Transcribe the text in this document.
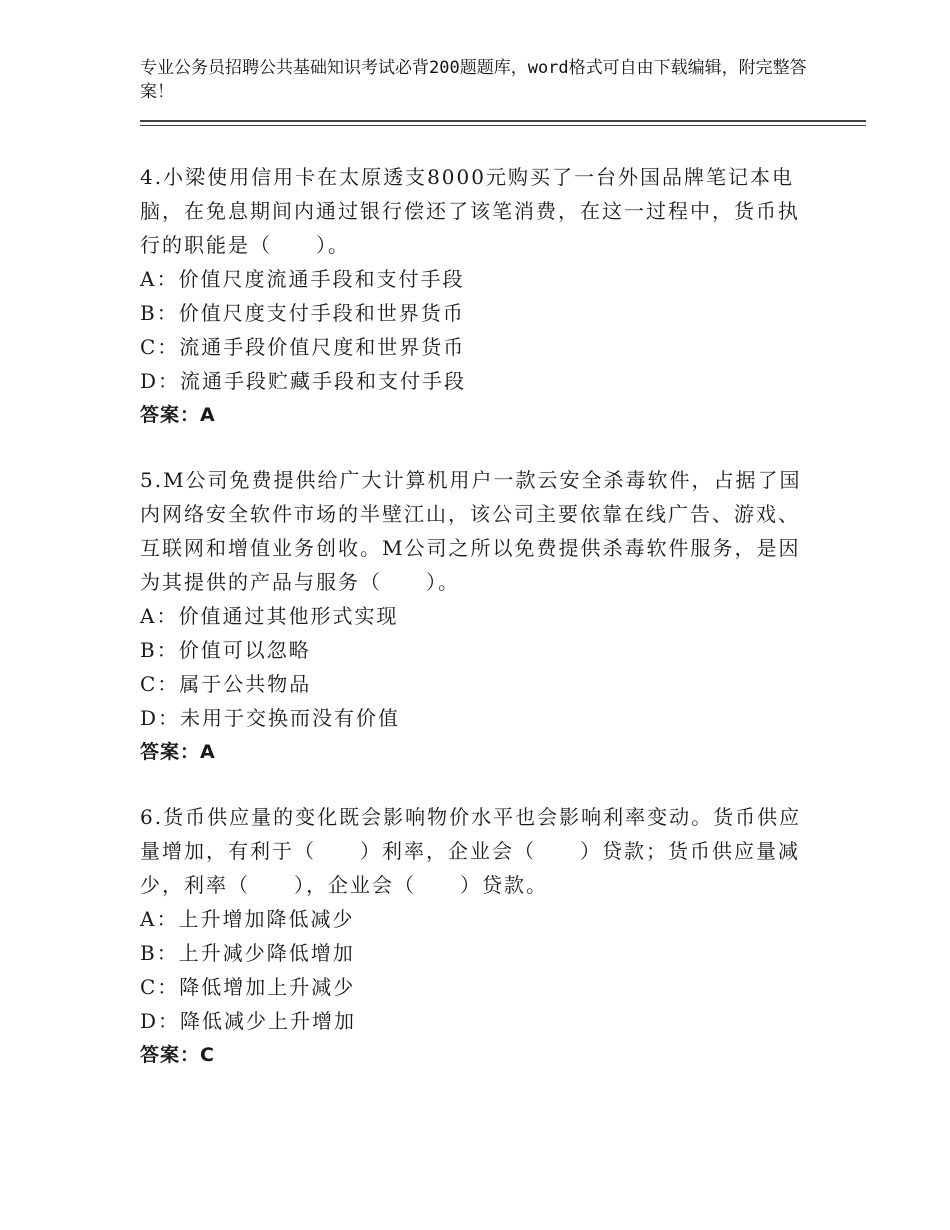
专业公务员招聘公共基础知识考试必背200题题库，word格式可自由下载编辑，附完整答案！
4.小梁使用信用卡在太原透支8000元购买了一台外国品牌笔记本电脑，在免息期间内通过银行偿还了该笔消费，在这一过程中，货币执行的职能是（　　）。
A：价值尺度流通手段和支付手段
B：价值尺度支付手段和世界货币
C：流通手段价值尺度和世界货币
D：流通手段贮藏手段和支付手段
答案：A
5.M公司免费提供给广大计算机用户一款云安全杀毒软件，占据了国内网络安全软件市场的半壁江山，该公司主要依靠在线广告、游戏、互联网和增值业务创收。M公司之所以免费提供杀毒软件服务，是因为其提供的产品与服务（　　）。
A：价值通过其他形式实现
B：价值可以忽略
C：属于公共物品
D：未用于交换而没有价值
答案：A
6.货币供应量的变化既会影响物价水平也会影响利率变动。货币供应量增加，有利于（　　）利率，企业会（　　）贷款；货币供应量减少，利率（　　），企业会（　　）贷款。
A：上升增加降低减少
B：上升减少降低增加
C：降低增加上升减少
D：降低减少上升增加
答案：C
